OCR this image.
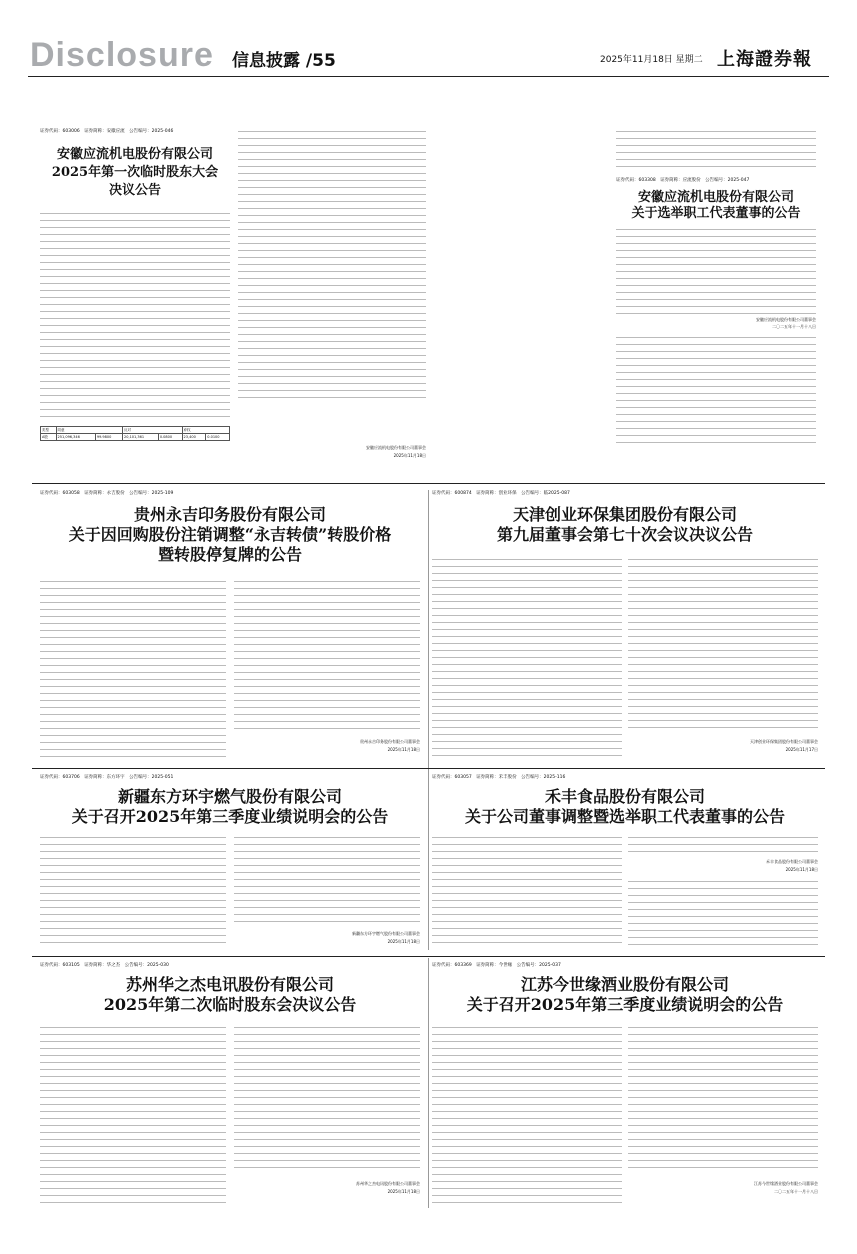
Disclosure 信息披露 /55	2025年11月18日 星期二 上海證券報
证券代码：603006　证券简称：安徽应流　公告编号：2025-046
安徽应流机电股份有限公司
2025年第一次临时股东大会
决议公告
类型	同意		反对		弃权	
A股	251,096,346	99.9800	20,101,361	0.0800	23,400	0.0100
安徽应流机电股份有限公司董事会
2025年11月18日
证券代码：603308　证券简称：应流股份　公告编号：2025-047
安徽应流机电股份有限公司
关于选举职工代表董事的公告
安徽应流机电股份有限公司董事会
二〇二五年十一月十八日
证券代码：603058　证券简称：永吉股份　公告编号：2025-109
贵州永吉印务股份有限公司
关于因回购股份注销调整“永吉转债”转股价格
暨转股停复牌的公告
贵州永吉印务股份有限公司董事会
2025年11月18日
证券代码：600874　证券简称：创业环保　公告编号：临2025-087
天津创业环保集团股份有限公司
第九届董事会第七十次会议决议公告
天津创业环保集团股份有限公司董事会
2025年11月17日
证券代码：603706　证券简称：东方环宇　公告编号：2025-051
新疆东方环宇燃气股份有限公司
关于召开2025年第三季度业绩说明会的公告
新疆东方环宇燃气股份有限公司董事会
2025年11月18日
证券代码：603057　证券简称：禾丰股份　公告编号：2025-116
禾丰食品股份有限公司
关于公司董事调整暨选举职工代表董事的公告
禾丰食品股份有限公司董事会
2025年11月18日
证券代码：603105　证券简称：华之杰　公告编号：2025-030
苏州华之杰电讯股份有限公司
2025年第二次临时股东会决议公告
苏州华之杰电讯股份有限公司董事会
2025年11月18日
证券代码：603369　证券简称：今世缘　公告编号：2025-037
江苏今世缘酒业股份有限公司
关于召开2025年第三季度业绩说明会的公告
江苏今世缘酒业股份有限公司董事会
二〇二五年十一月十八日
